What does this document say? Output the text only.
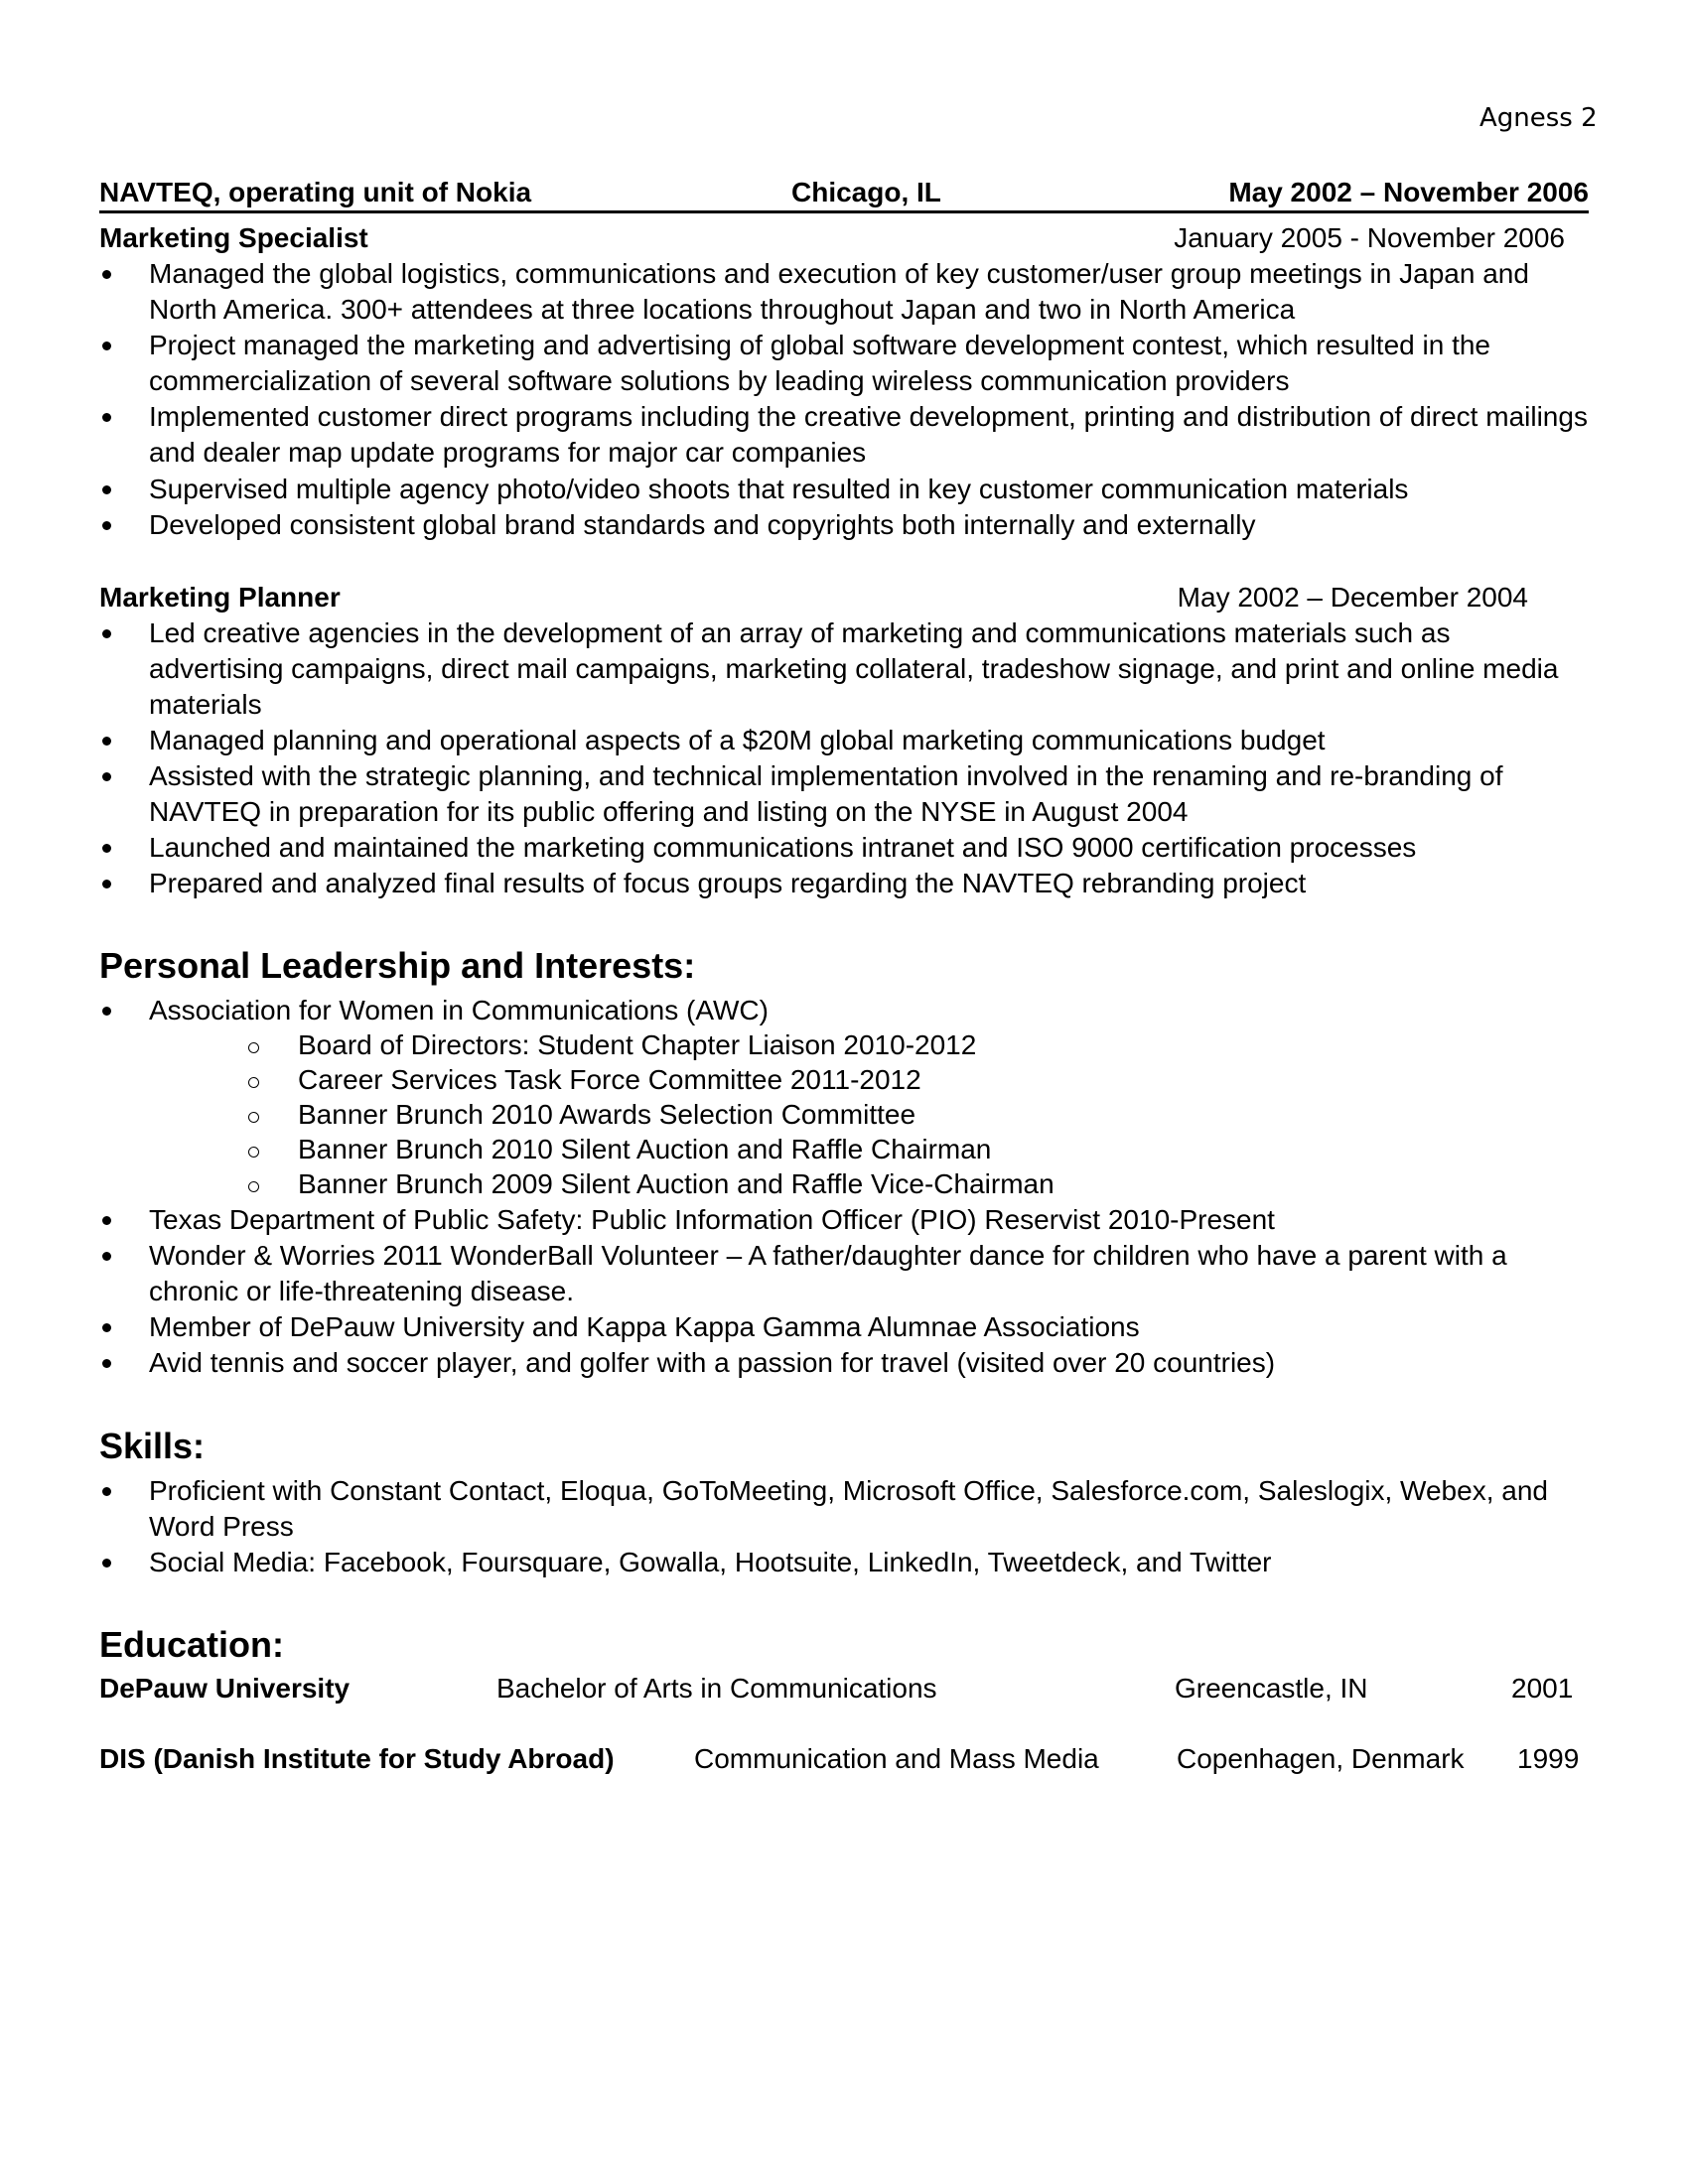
Agness 2
NAVTEQ, operating unit of Nokia	Chicago, IL	May 2002 – November 2006
Marketing Specialist	January 2005 - November 2006
Managed the global logistics, communications and execution of key customer/user group meetings in Japan and North America. 300+ attendees at three locations throughout Japan and two in North America
Project managed the marketing and advertising of global software development contest, which resulted in the commercialization of several software solutions by leading wireless communication providers
Implemented customer direct programs including the creative development, printing and distribution of direct mailings and dealer map update programs for major car companies
Supervised multiple agency photo/video shoots that resulted in key customer communication materials
Developed consistent global brand standards and copyrights both internally and externally
Marketing Planner	May 2002 – December 2004
Led creative agencies in the development of an array of marketing and communications materials such as advertising campaigns, direct mail campaigns, marketing collateral, tradeshow signage, and print and online media materials
Managed planning and operational aspects of a $20M global marketing communications budget
Assisted with the strategic planning, and technical implementation involved in the renaming and re-branding of NAVTEQ in preparation for its public offering and listing on the NYSE in August 2004
Launched and maintained the marketing communications intranet and ISO 9000 certification processes
Prepared and analyzed final results of focus groups regarding the NAVTEQ rebranding project
Personal Leadership and Interests:
Association for Women in Communications (AWC)
Board of Directors: Student Chapter Liaison 2010-2012
Career Services Task Force Committee 2011-2012
Banner Brunch 2010 Awards Selection Committee
Banner Brunch 2010 Silent Auction and Raffle Chairman
Banner Brunch 2009 Silent Auction and Raffle Vice-Chairman
Texas Department of Public Safety: Public Information Officer (PIO) Reservist 2010-Present
Wonder & Worries 2011 WonderBall Volunteer – A father/daughter dance for children who have a parent with a chronic or life-threatening disease.
Member of DePauw University and Kappa Kappa Gamma Alumnae Associations
Avid tennis and soccer player, and golfer with a passion for travel (visited over 20 countries)
Skills:
Proficient with Constant Contact, Eloqua, GoToMeeting, Microsoft Office, Salesforce.com, Saleslogix, Webex, and Word Press
Social Media: Facebook, Foursquare, Gowalla, Hootsuite, LinkedIn, Tweetdeck, and Twitter
Education:
DePauw University	Bachelor of Arts in Communications	Greencastle, IN	2001
DIS (Danish Institute for Study Abroad)	Communication and Mass Media	Copenhagen, Denmark 1999
